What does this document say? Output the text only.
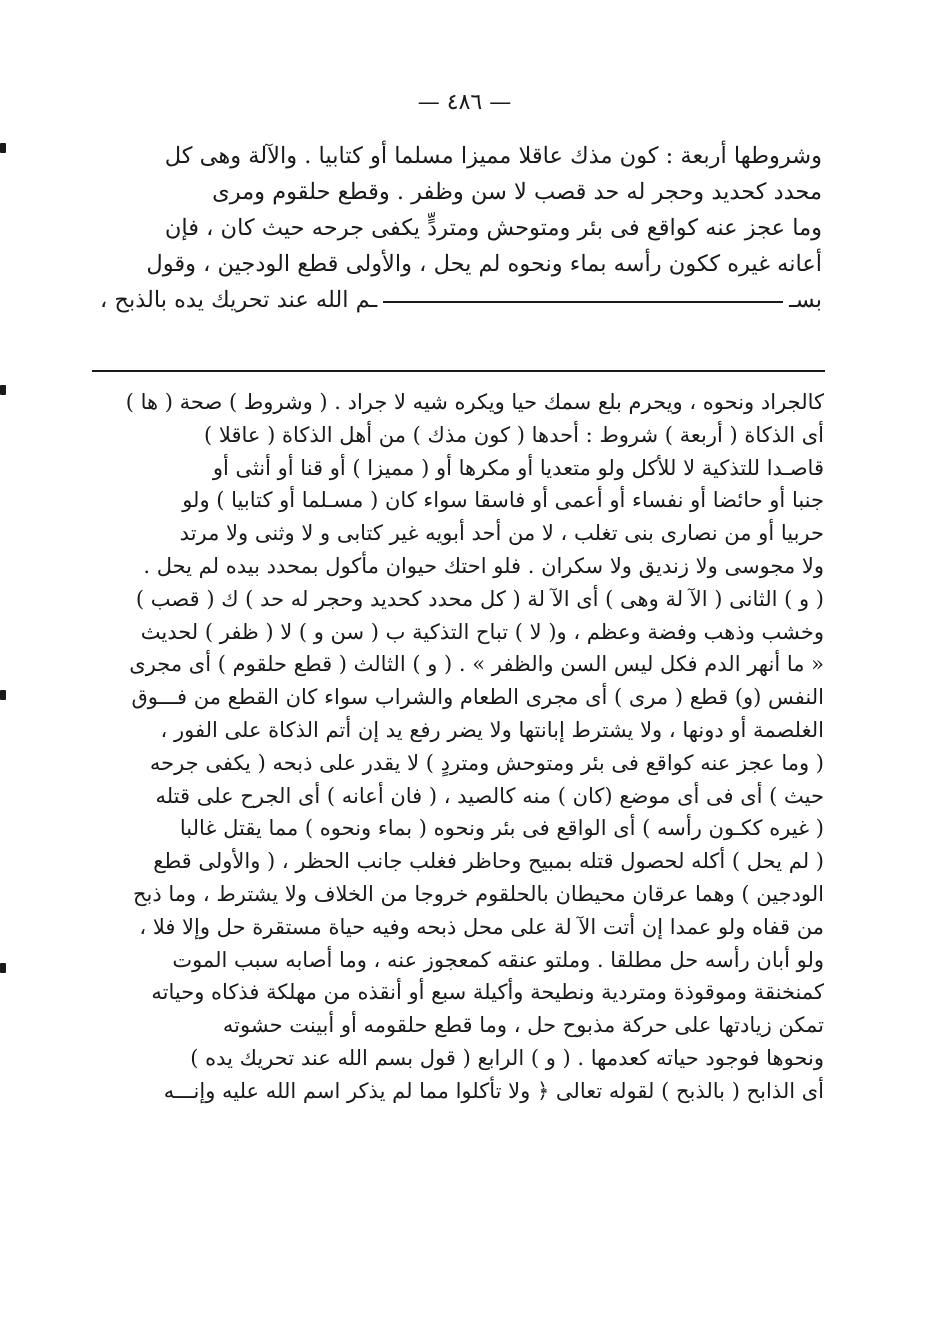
— ٤٨٦ —
وشروطها أربعة : كون مذك عاقلا مميزا مسلما أو كتابيا . والآلة وهى كل
محدد كحديد وحجر له حد قصب لا سن وظفر . وقطع حلقوم ومرى
وما عجز عنه كواقع فى بئر ومتوحش ومتردٍّ يكفى جرحه حيث كان ، فإن
أعانه غيره ككون رأسه بماء ونحوه لم يحل ، والأولى قطع الودجين ، وقول
بسـ
ـم الله عند تحريك يده بالذبح ،
كالجراد ونحوه ، ويحرم بلع سمك حيا ويكره شيه لا جراد . ( وشروط ) صحة ( ها )
أى الذكاة ( أربعة ) شروط : أحدها ( كون مذك ) من أهل الذكاة ( عاقلا )
قاصـدا للتذكية لا للأكل ولو متعديا أو مكرها أو ( مميزا ) أو قنا أو أنثى أو
جنبا أو حائضا أو نفساء أو أعمى أو فاسقا سواء كان ( مسـلما أو كتابيا ) ولو
حربيا أو من نصارى بنى تغلب ، لا من أحد أبويه غير كتابى و لا وثنى ولا مرتد
ولا مجوسى ولا زنديق ولا سكران . فلو احتك حيوان مأكول بمحدد بيده لم يحل .
( و ) الثانى ( الآ لة وهى ) أى الآ لة ( كل محدد كحديد وحجر له حد ) ك ( قصب )
وخشب وذهب وفضة وعظم ، و( لا ) تباح التذكية ب ( سن و ) لا ( ظفر ) لحديث
« ما أنهر الدم فكل ليس السن والظفر » . ( و ) الثالث ( قطع حلقوم ) أى مجرى
النفس (و) قطع ( مرى ) أى مجرى الطعام والشراب سواء كان القطع من فـــوق
الغلصمة أو دونها ، ولا يشترط إبانتها ولا يضر رفع يد إن أتم الذكاة على الفور ،
( وما عجز عنه كواقع فى بئر ومتوحش ومتردٍ ) لا يقدر على ذبحه ( يكفى جرحه
حيث ) أى فى أى موضع (كان ) منه كالصيد ، ( فان أعانه ) أى الجرح على قتله
( غيره ككـون رأسه ) أى الواقع فى بئر ونحوه ( بماء ونحوه ) مما يقتل غالبا
( لم يحل ) أكله لحصول قتله بمبيح وحاظر فغلب جانب الحظر ، ( والأولى قطع
الودجين ) وهما عرقان محيطان بالحلقوم خروجا من الخلاف ولا يشترط ، وما ذبح
من قفاه ولو عمدا إن أتت الآ لة على محل ذبحه وفيه حياة مستقرة حل وإلا فلا ،
ولو أبان رأسه حل مطلقا . وملتو عنقه كمعجوز عنه ، وما أصابه سبب الموت
كمنخنقة وموقوذة ومتردية ونطيحة وأكيلة سبع أو أنقذه من مهلكة فذكاه وحياته
تمكن زيادتها على حركة مذبوح حل ، وما قطع حلقومه أو أبينت حشوته
ونحوها فوجود حياته كعدمها . ( و ) الرابع ( قول بسم الله عند تحريك يده )
أى الذابح ( بالذبح ) لقوله تعالى ﴿ ولا تأكلوا مما لم يذكر اسم الله عليه وإنـــه
